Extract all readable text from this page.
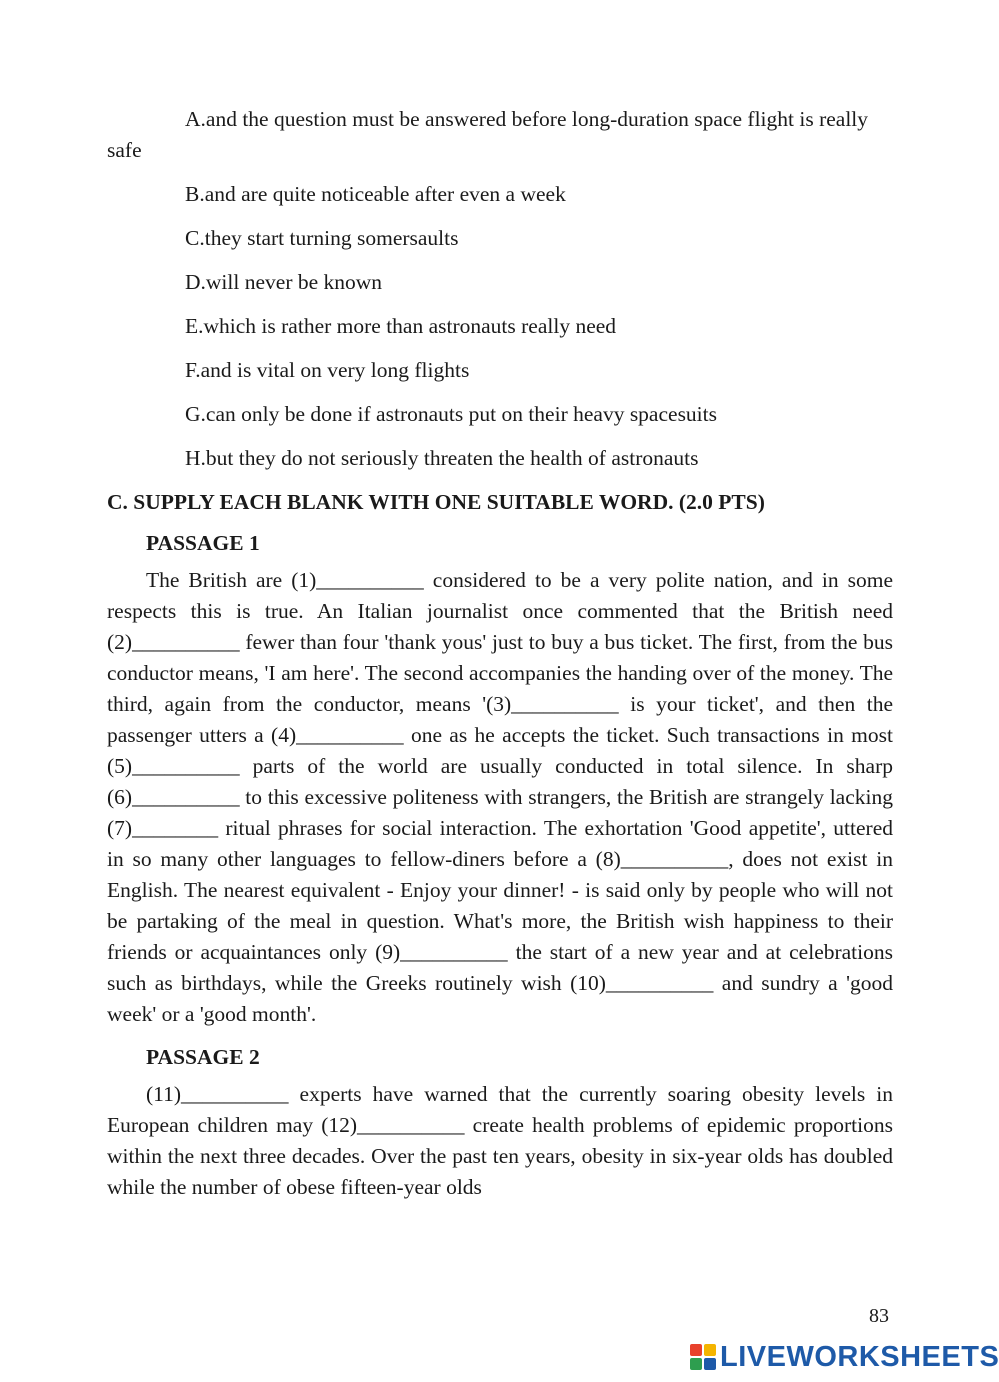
A.and the question must be answered before long-duration space flight is really safe

B.and are quite noticeable after even a week

C.they start turning somersaults

D.will never be known

E.which is rather more than astronauts really need

F.and is vital on very long flights

G.can only be done if astronauts put on their heavy spacesuits

H.but they do not seriously threaten the health of astronauts

C. SUPPLY EACH BLANK WITH ONE SUITABLE WORD. (2.0 PTS)
PASSAGE 1

The British are (1)__________ considered to be a very polite nation, and in some respects this is true. An Italian journalist once commented that the British need (2)__________ fewer than four 'thank yous' just to buy a bus ticket. The first, from the bus conductor means, 'I am here'. The second accompanies the handing over of the money. The third, again from the conductor, means '(3)__________ is your ticket', and then the passenger utters a (4)__________ one as he accepts the ticket. Such transactions in most (5)__________ parts of the world are usually conducted in total silence. In sharp (6)__________ to this excessive politeness with strangers, the British are strangely lacking (7)________ ritual phrases for social interaction. The exhortation 'Good appetite', uttered in so many other languages to fellow-diners before a (8)__________, does not exist in English. The nearest equivalent - Enjoy your dinner! - is said only by people who will not be partaking of the meal in question. What's more, the British wish happiness to their friends or acquaintances only (9)__________ the start of a new year and at celebrations such as birthdays, while the Greeks routinely wish (10)__________ and sundry a 'good week' or a 'good month'.

PASSAGE 2

(11)__________ experts have warned that the currently soaring obesity levels in European children may (12)__________ create health problems of epidemic proportions within the next three decades. Over the past ten years, obesity in six-year olds has doubled while the number of obese fifteen-year olds

83
LIVEWORKSHEETS
